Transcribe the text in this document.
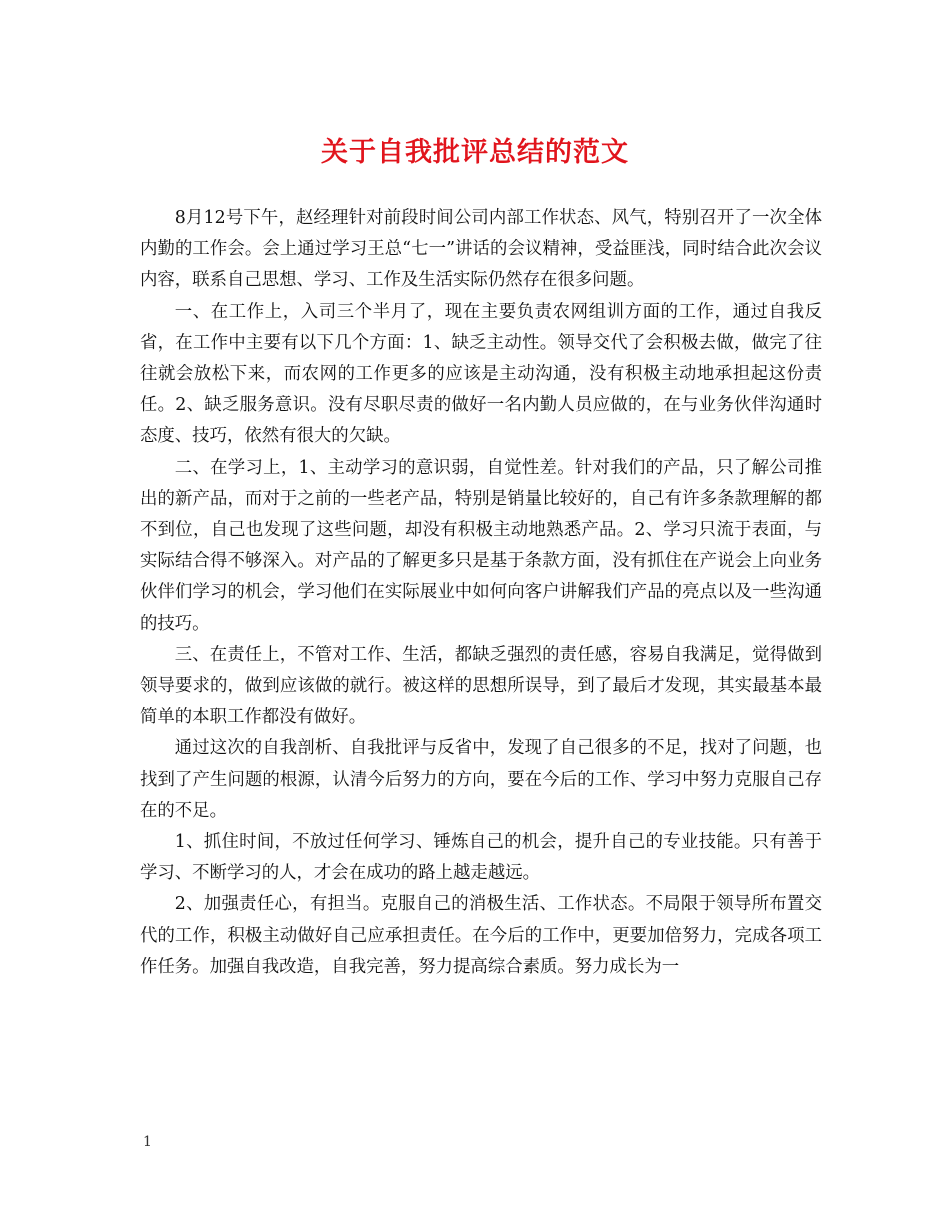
关于自我批评总结的范文

8月12号下午，赵经理针对前段时间公司内部工作状态、风气，特别召开了一次全体内勤的工作会。会上通过学习王总“七一”讲话的会议精神，受益匪浅，同时结合此次会议内容，联系自己思想、学习、工作及生活实际仍然存在很多问题。

一、在工作上，入司三个半月了，现在主要负责农网组训方面的工作，通过自我反省，在工作中主要有以下几个方面：1、缺乏主动性。领导交代了会积极去做，做完了往往就会放松下来，而农网的工作更多的应该是主动沟通，没有积极主动地承担起这份责任。2、缺乏服务意识。没有尽职尽责的做好一名内勤人员应做的，在与业务伙伴沟通时态度、技巧，依然有很大的欠缺。

二、在学习上，1、主动学习的意识弱，自觉性差。针对我们的产品，只了解公司推出的新产品，而对于之前的一些老产品，特别是销量比较好的，自己有许多条款理解的都不到位，自己也发现了这些问题，却没有积极主动地熟悉产品。2、学习只流于表面，与实际结合得不够深入。对产品的了解更多只是基于条款方面，没有抓住在产说会上向业务伙伴们学习的机会，学习他们在实际展业中如何向客户讲解我们产品的亮点以及一些沟通的技巧。

三、在责任上，不管对工作、生活，都缺乏强烈的责任感，容易自我满足，觉得做到领导要求的，做到应该做的就行。被这样的思想所误导，到了最后才发现，其实最基本最简单的本职工作都没有做好。

通过这次的自我剖析、自我批评与反省中，发现了自己很多的不足，找对了问题，也找到了产生问题的根源，认清今后努力的方向，要在今后的工作、学习中努力克服自己存在的不足。

1、抓住时间，不放过任何学习、锤炼自己的机会，提升自己的专业技能。只有善于学习、不断学习的人，才会在成功的路上越走越远。

2、加强责任心，有担当。克服自己的消极生活、工作状态。不局限于领导所布置交代的工作，积极主动做好自己应承担责任。在今后的工作中，更要加倍努力，完成各项工作任务。加强自我改造，自我完善，努力提高综合素质。努力成长为一

1
